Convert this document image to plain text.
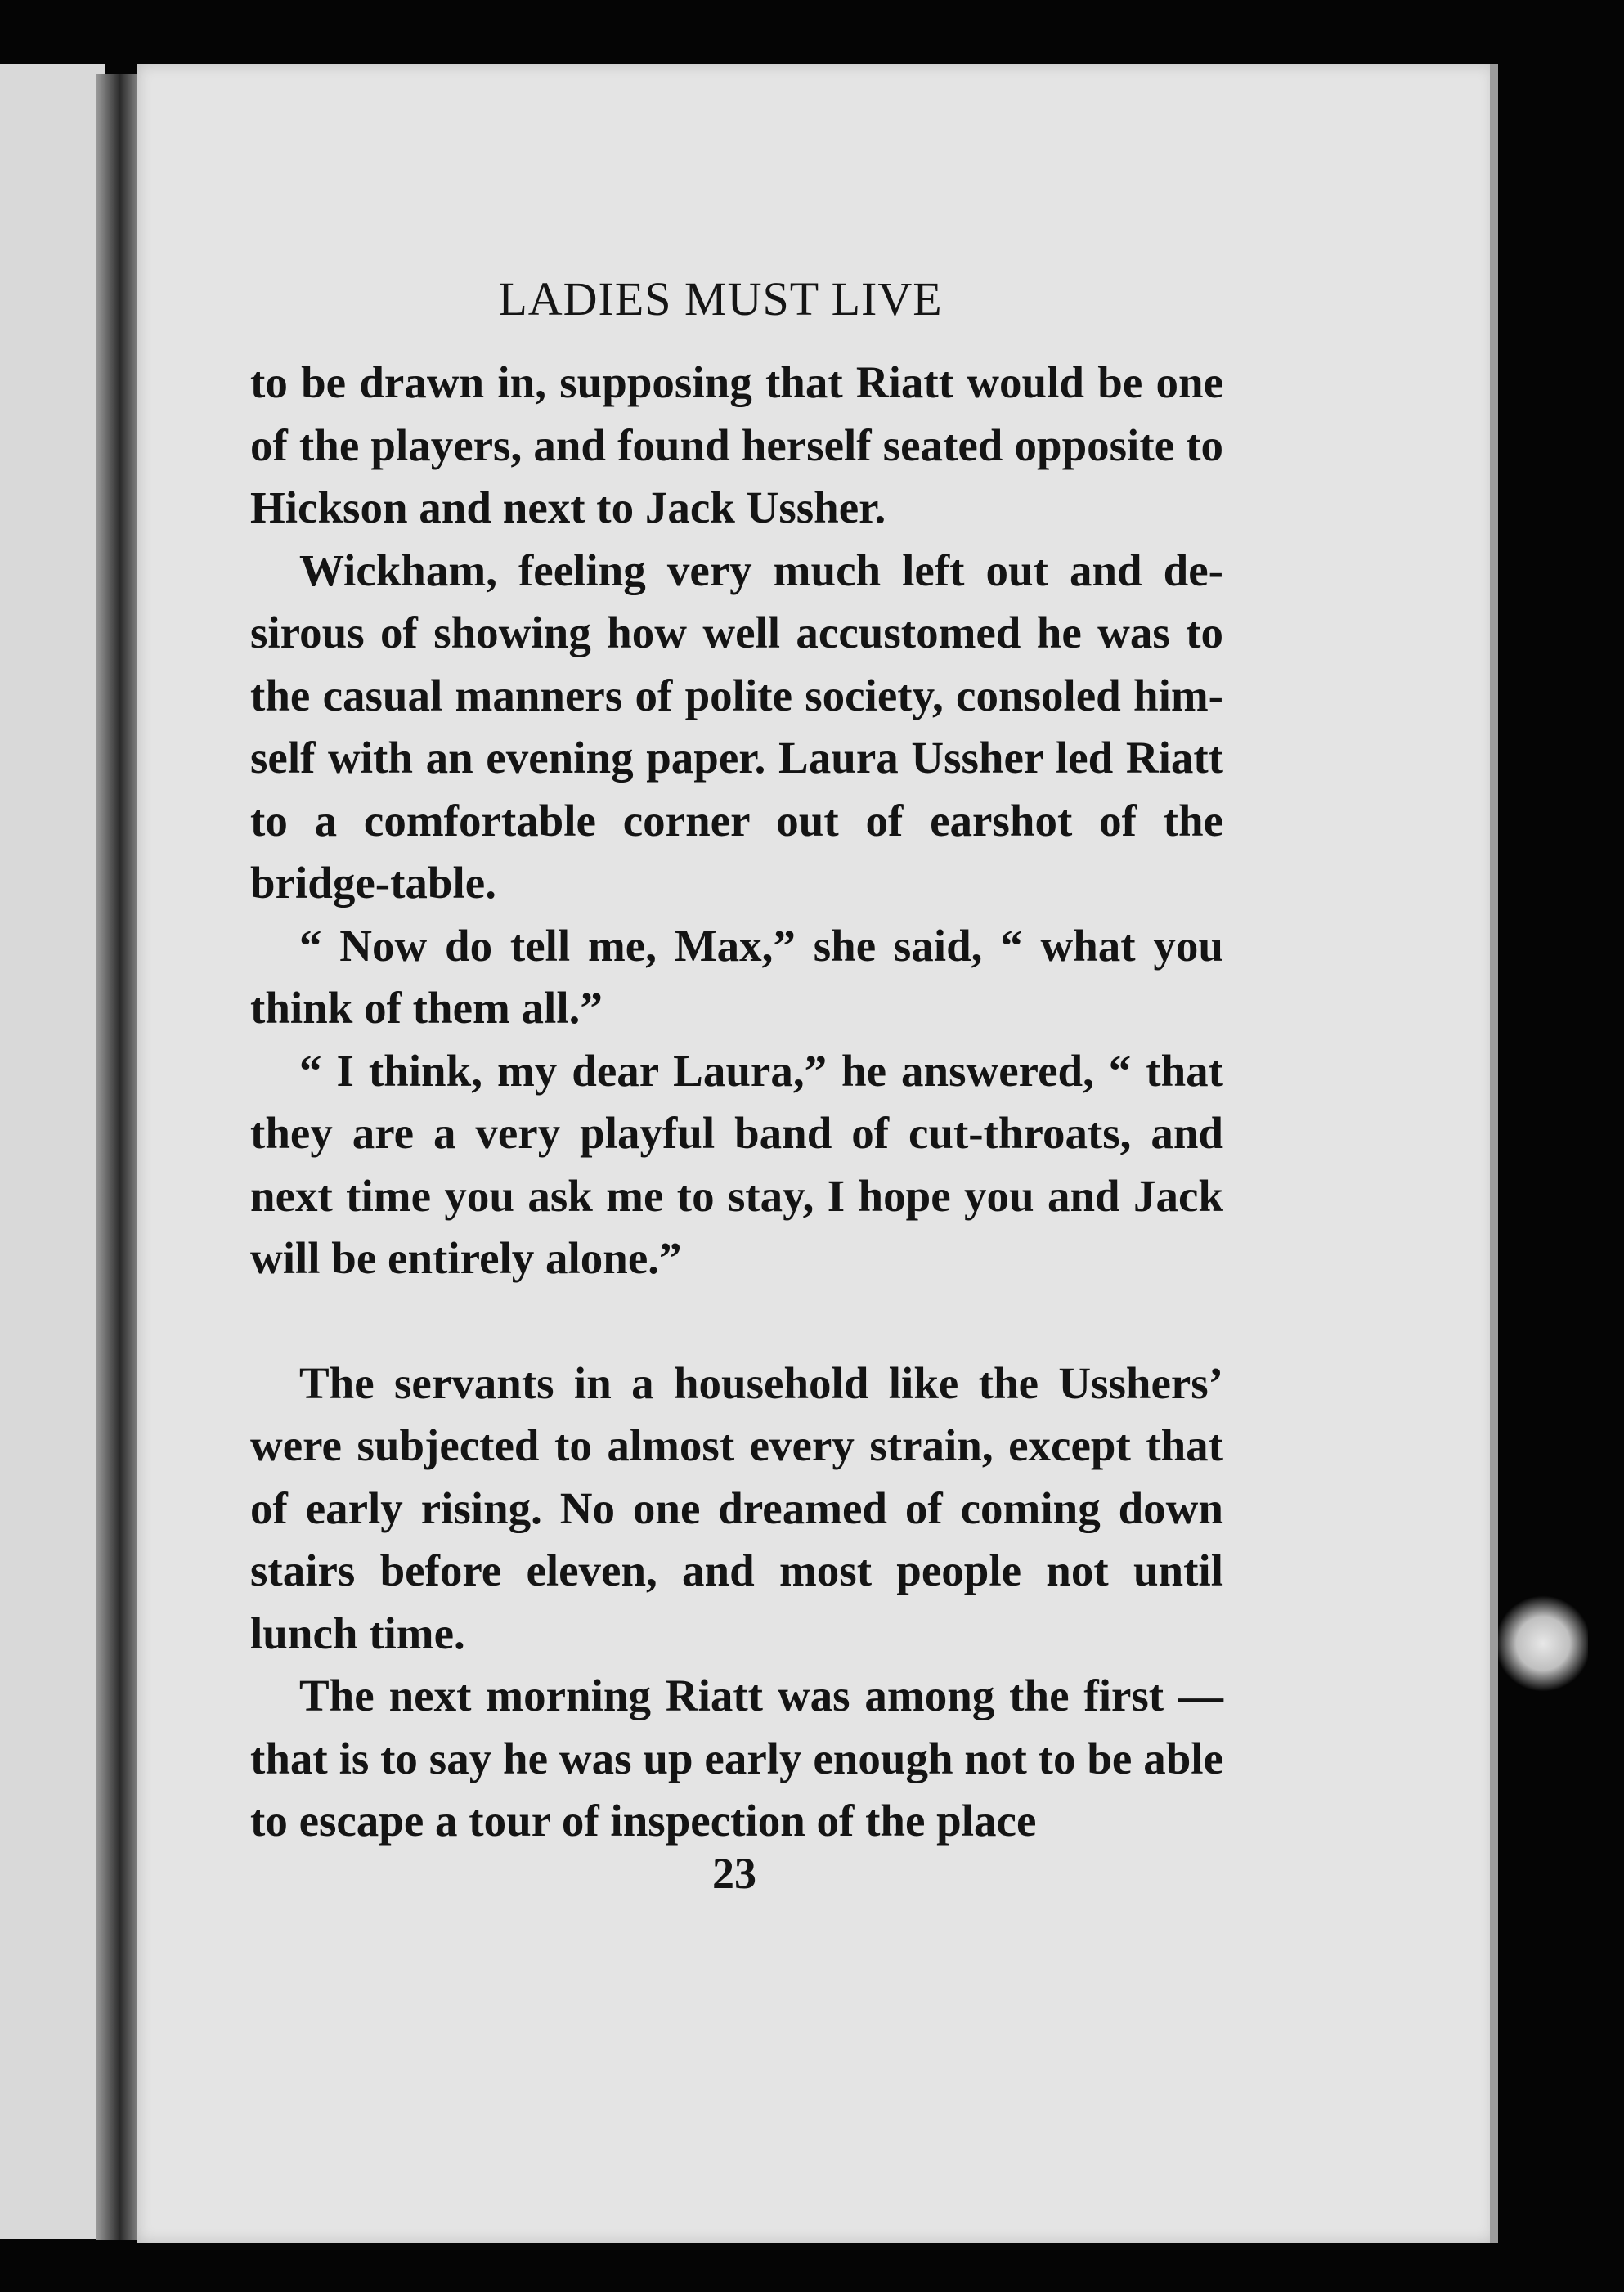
LADIES MUST LIVE

to be drawn in, supposing that Riatt would be one of the players, and found herself seated opposite to Hickson and next to Jack Ussher.

Wickham, feeling very much left out and de-sirous of showing how well accustomed he was to the casual manners of polite society, consoled him-self with an evening paper. Laura Ussher led Riatt to a comfortable corner out of earshot of the bridge-table.

“ Now do tell me, Max,” she said, “ what you think of them all.”

“ I think, my dear Laura,” he answered, “ that they are a very playful band of cut-throats, and next time you ask me to stay, I hope you and Jack will be entirely alone.”

The servants in a household like the Usshers’ were subjected to almost every strain, except that of early rising. No one dreamed of coming down stairs before eleven, and most people not until lunch time.

The next morning Riatt was among the first — that is to say he was up early enough not to be able to escape a tour of inspection of the place

23
